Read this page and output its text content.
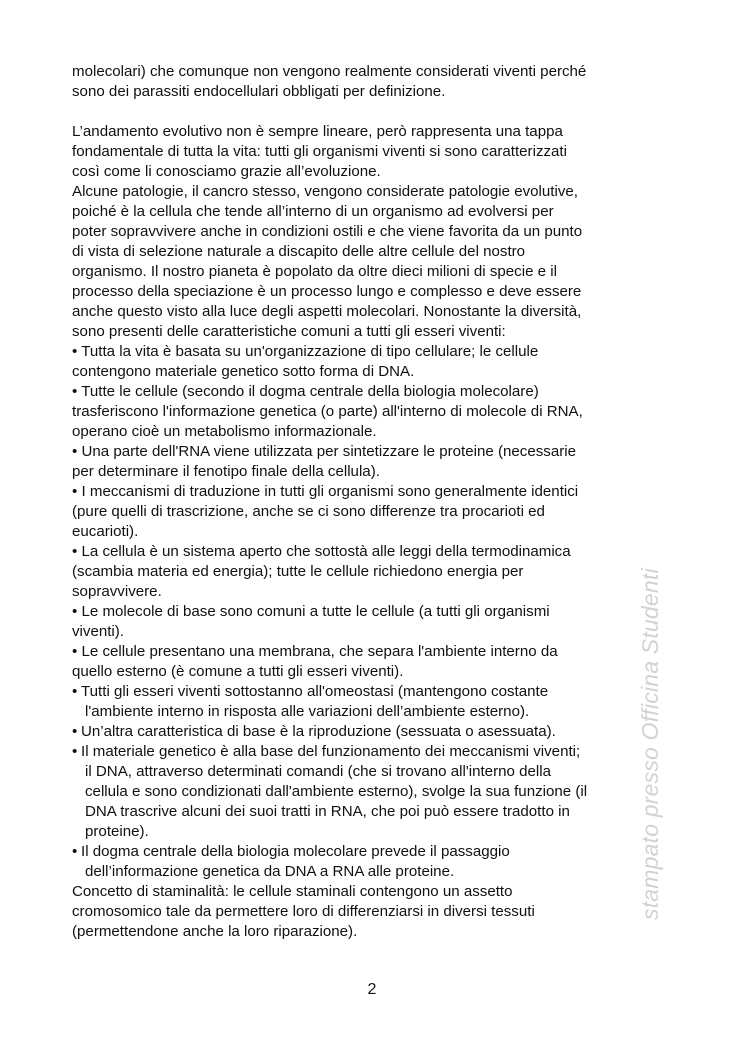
molecolari) che comunque non vengono realmente considerati viventi perché
sono dei parassiti endocellulari obbligati per definizione.
L’andamento evolutivo non è sempre lineare, però rappresenta una tappa
fondamentale di tutta la vita: tutti gli organismi viventi si sono caratterizzati
così come li conosciamo grazie all’evoluzione.
Alcune patologie, il cancro stesso, vengono considerate patologie evolutive,
poiché è la cellula che tende all’interno di un organismo ad evolversi per
poter sopravvivere anche in condizioni ostili e che viene favorita da un punto
di vista di selezione naturale a discapito delle altre cellule del nostro
organismo. Il nostro pianeta è popolato da oltre dieci milioni di specie e il
processo della speciazione è un processo lungo e complesso e deve essere
anche questo visto alla luce degli aspetti molecolari. Nonostante la diversità,
sono presenti delle caratteristiche comuni a tutti gli esseri viventi:
• Tutta la vita è basata su un'organizzazione di tipo cellulare; le cellule
contengono materiale genetico sotto forma di DNA.
• Tutte le cellule (secondo il dogma centrale della biologia molecolare)
trasferiscono l'informazione genetica (o parte) all'interno di molecole di RNA,
operano cioè un metabolismo informazionale.
• Una parte dell'RNA viene utilizzata per sintetizzare le proteine (necessarie
per determinare il fenotipo finale della cellula).
• I meccanismi di traduzione in tutti gli organismi sono generalmente identici
(pure quelli di trascrizione, anche se ci sono differenze tra procarioti ed
eucarioti).
• La cellula è un sistema aperto che sottostà alle leggi della termodinamica
(scambia materia ed energia); tutte le cellule richiedono energia per
sopravvivere.
• Le molecole di base sono comuni a tutte le cellule (a tutti gli organismi
viventi).
• Le cellule presentano una membrana, che separa l'ambiente interno da
quello esterno (è comune a tutti gli esseri viventi).
• Tutti gli esseri viventi sottostanno all'omeostasi (mantengono costante
l'ambiente interno in risposta alle variazioni dell’ambiente esterno).
• Un’altra caratteristica di base è la riproduzione (sessuata o asessuata).
• Il materiale genetico è alla base del funzionamento dei meccanismi viventi;
il DNA, attraverso determinati comandi (che si trovano all'interno della
cellula e sono condizionati dall'ambiente esterno), svolge la sua funzione (il
DNA trascrive alcuni dei suoi tratti in RNA, che poi può essere tradotto in
proteine).
• Il dogma centrale della biologia molecolare prevede il passaggio
dell’informazione genetica da DNA a RNA alle proteine.
Concetto di staminalità: le cellule staminali contengono un assetto
cromosomico tale da permettere loro di differenziarsi in diversi tessuti
(permettendone anche la loro riparazione).
2
stampato presso Officina Studenti
